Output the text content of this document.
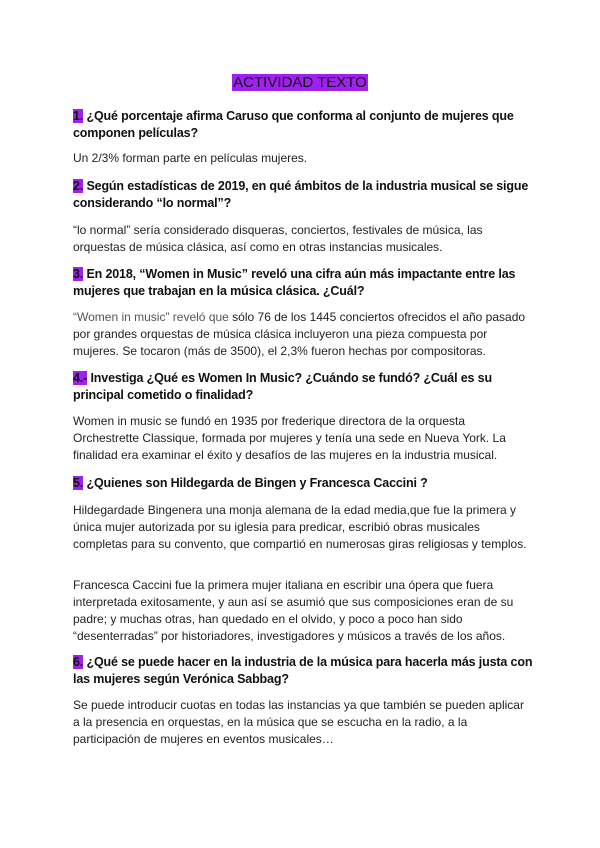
ACTIVIDAD TEXTO
1. ¿Qué porcentaje afirma Caruso que conforma al conjunto de mujeres que componen películas?
Un 2/3% forman parte en películas mujeres.
2. Según estadísticas de 2019, en qué ámbitos de la industria musical se sigue considerando “lo normal”?
“lo normal” sería considerado disqueras, conciertos, festivales de música, las orquestas de música clásica, así como en otras instancias musicales.
3. En 2018, “Women in Music” reveló una cifra aún más impactante entre las mujeres que trabajan en la música clásica. ¿Cuál?
“Women in music” reveló que sólo 76 de los 1445 conciertos ofrecidos el año pasado por grandes orquestas de música clásica incluyeron una pieza compuesta por mujeres. Se tocaron (más de 3500), el 2,3% fueron hechas por compositoras.
4.- Investiga ¿Qué es Women In Music? ¿Cuándo se fundó? ¿Cuál es su principal cometido o finalidad?
Women in music se fundó en 1935 por frederique directora de la orquesta Orchestrette Classique, formada por mujeres y tenía una sede en Nueva York. La finalidad era examinar el éxito y desafíos de las mujeres en la industria musical.
5. ¿Quienes son Hildegarda de Bingen y Francesca Caccini ?
Hildegardade Bingenera una monja alemana de la edad media,que fue la primera y única mujer autorizada por su iglesia para predicar, escribió obras musicales completas para su convento, que compartió en numerosas giras religiosas y templos.
Francesca Caccini fue la primera mujer italiana en escribir una ópera que fuera interpretada exitosamente, y aun así se asumió que sus composiciones eran de su padre; y muchas otras, han quedado en el olvido, y poco a poco han sido “desenterradas” por historiadores, investigadores y músicos a través de los años.
6. ¿Qué se puede hacer en la industria de la música para hacerla más justa con las mujeres según Verónica Sabbag?
Se puede introducir cuotas en todas las instancias ya que también se pueden aplicar a la presencia en orquestas, en la música que se escucha en la radio, a la participación de mujeres en eventos musicales…
